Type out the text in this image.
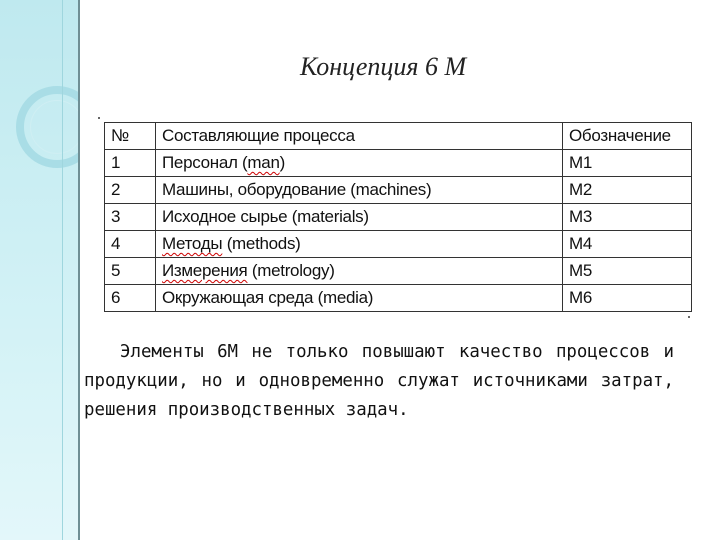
Концепция 6 М
№	Составляющие процесса	Обозначение
1	Персонал (man)	М1
2	Машины, оборудование (machines)	М2
3	Исходное сырье (materials)	М3
4	Методы (methods)	М4
5	Измерения (metrology)	М5
6	Окружающая среда (media)	М6
Элементы 6М не только повышают качество процессов и продукции, но и одновременно служат источниками затрат, решения производственных задач.
